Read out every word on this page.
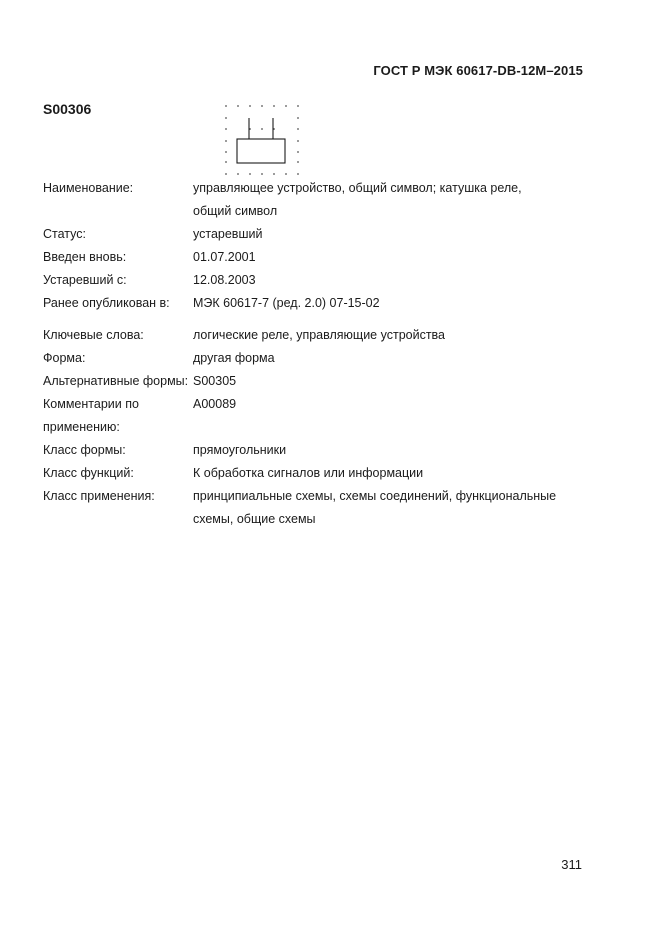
ГОСТ Р МЭК 60617-DB-12M–2015
S00306
Наименование:	управляющее устройство, общий символ; катушка реле, общий символ
Статус:	устаревший
Введен вновь:	01.07.2001
Устаревший с:	12.08.2003
Ранее опубликован в:	МЭК 60617-7 (ред. 2.0) 07-15-02
Ключевые слова:	логические реле, управляющие устройства
Форма:	другая форма
Альтернативные формы: S00305
Комментарии по применению:
A00089
Класс формы:	прямоугольники
Класс функций:	К обработка сигналов или информации
Класс применения:	принципиальные схемы, схемы соединений, функциональные схемы, общие схемы
311
